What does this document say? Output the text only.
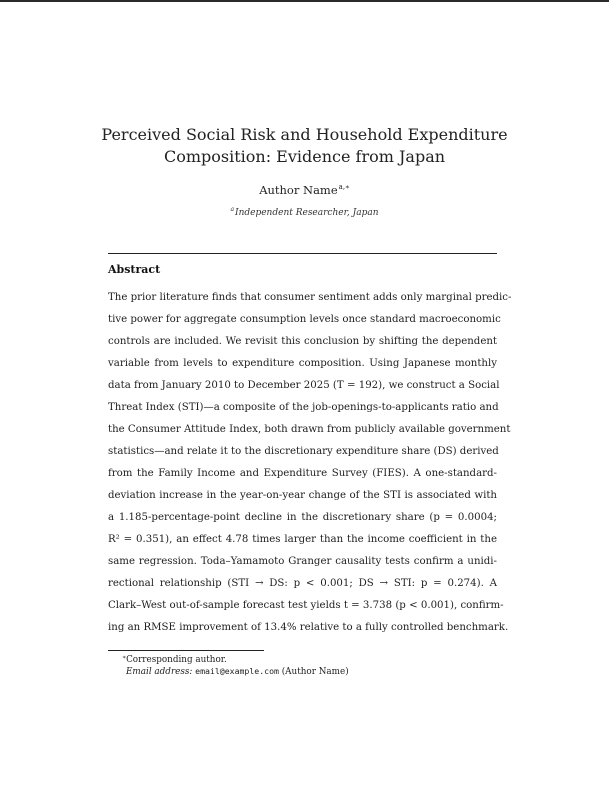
Perceived Social Risk and Household Expenditure
Composition: Evidence from Japan
Author Name$^{a,∗}$
$^a$Independent Researcher, Japan
Abstract
The prior literature finds that consumer sentiment adds only marginal predic-
tive power for aggregate consumption levels once standard macroeconomic
controls are included. We revisit this conclusion by shifting the dependent
variable from levels to expenditure composition. Using Japanese monthly
data from January 2010 to December 2025 (T = 192), we construct a Social
Threat Index (STI)—a composite of the job-openings-to-applicants ratio and
the Consumer Attitude Index, both drawn from publicly available government
statistics—and relate it to the discretionary expenditure share (DS) derived
from the Family Income and Expenditure Survey (FIES). A one-standard-
deviation increase in the year-on-year change of the STI is associated with
a 1.185-percentage-point decline in the discretionary share (p = 0.0004;
R² = 0.351), an effect 4.78 times larger than the income coefficient in the
same regression. Toda–Yamamoto Granger causality tests confirm a unidi-
rectional relationship (STI → DS: p < 0.001; DS → STI: p = 0.274). A
Clark–West out-of-sample forecast test yields t = 3.738 (p < 0.001), confirm-
ing an RMSE improvement of 13.4% relative to a fully controlled benchmark.
∗Corresponding author.
Email address: email@example.com (Author Name)
